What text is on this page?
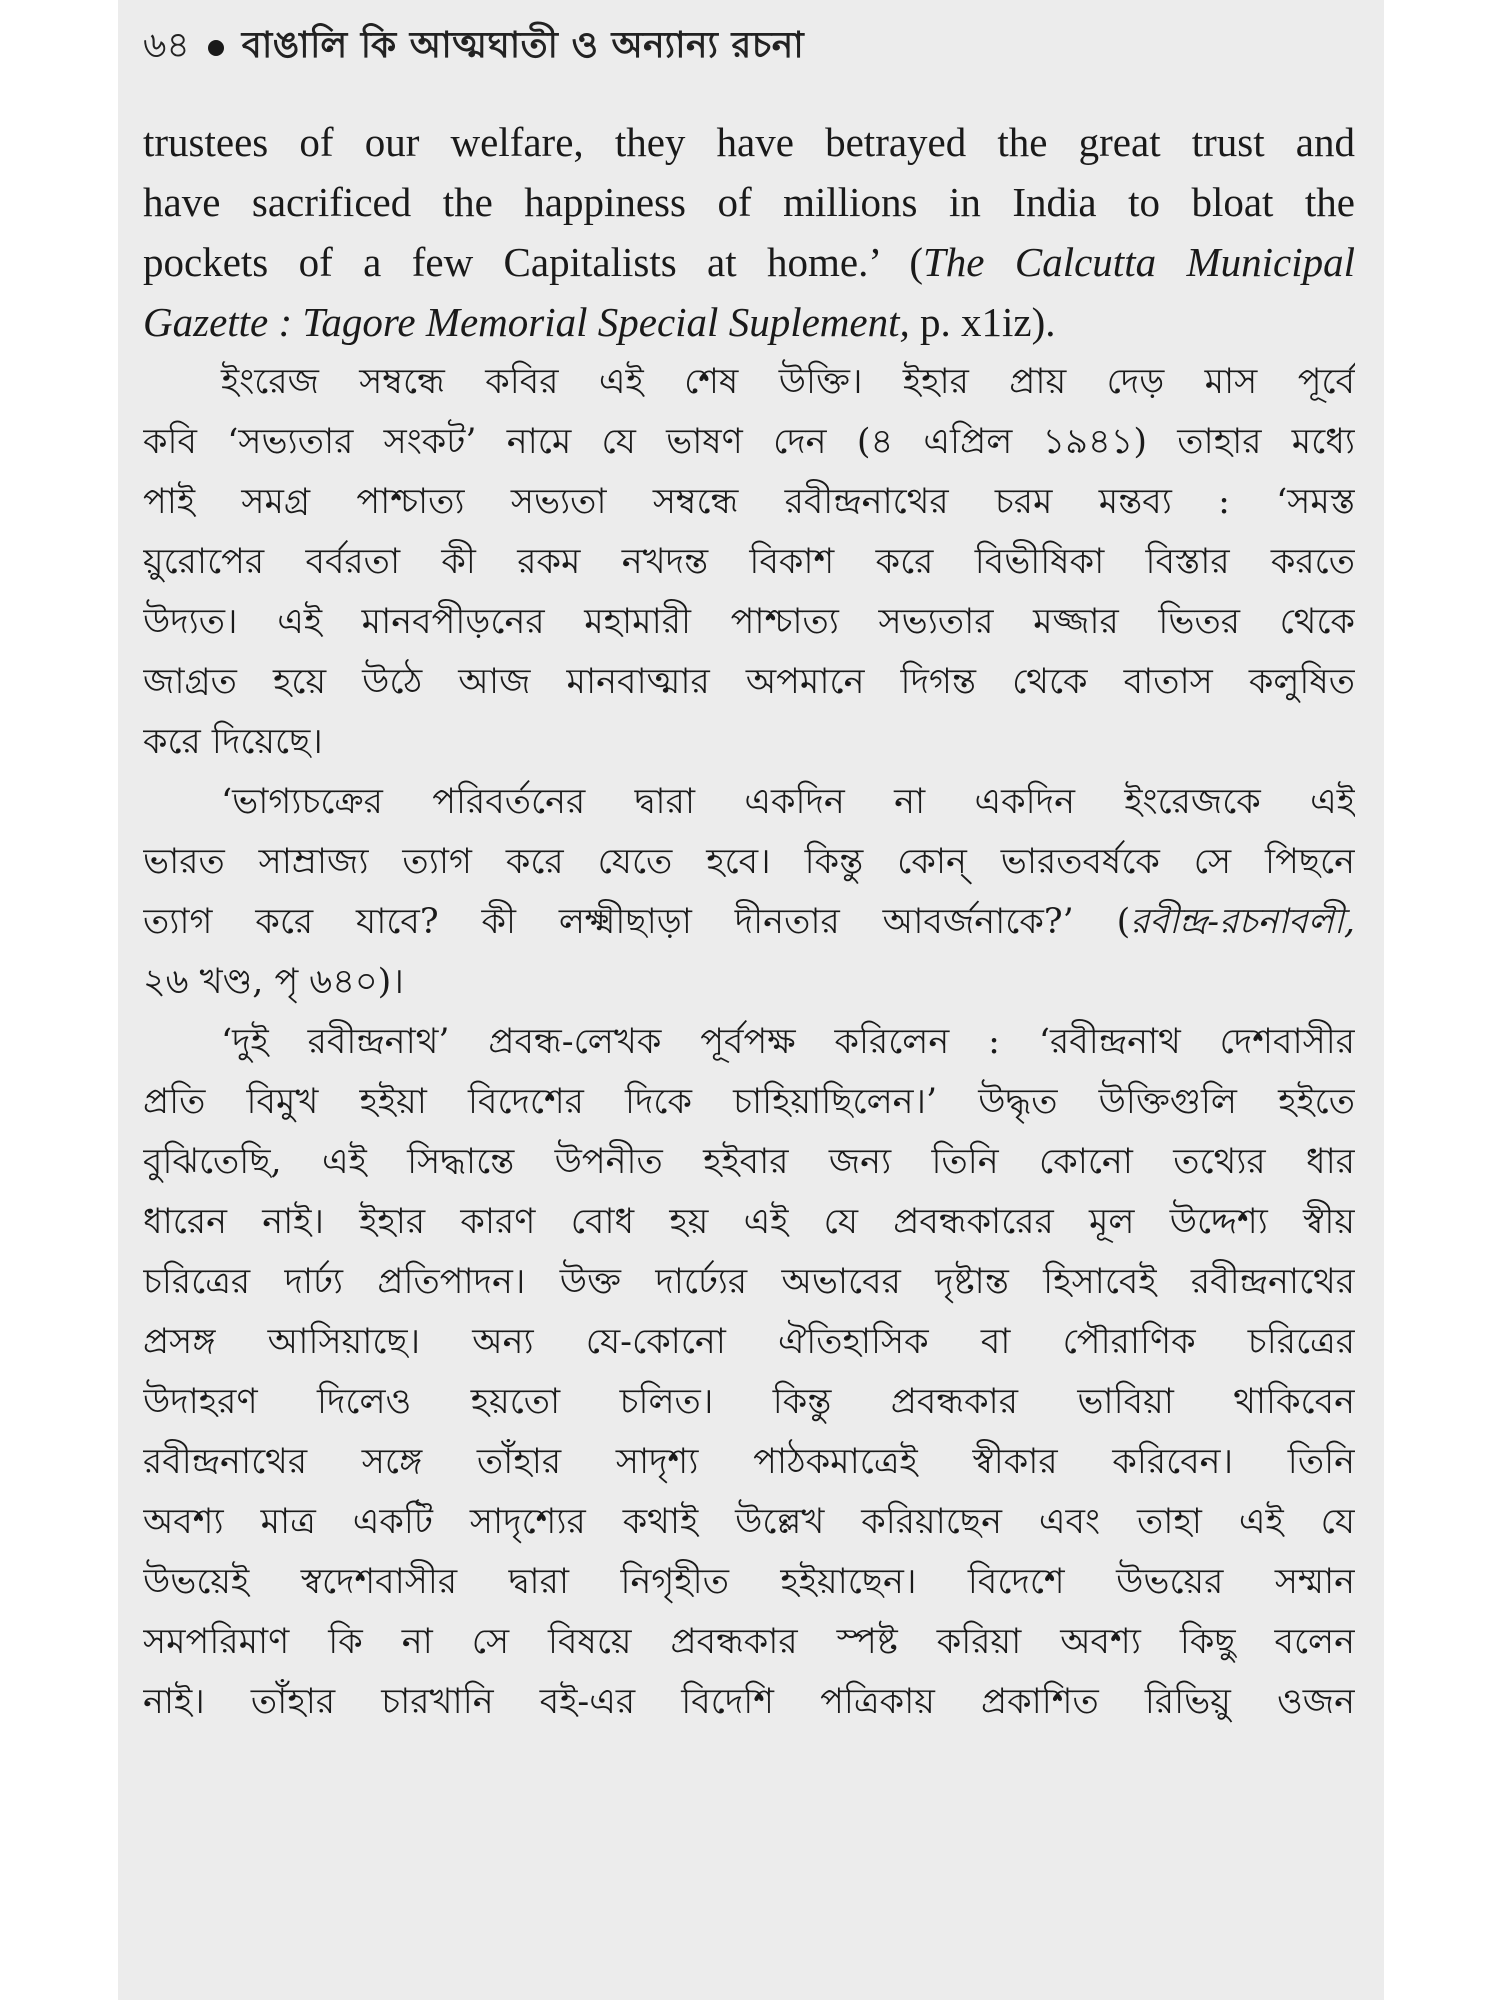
৬৪ বাঙালি কি আত্মঘাতী ও অন্যান্য রচনা
trustees of our welfare, they have betrayed the great trust and
have sacrificed the happiness of millions in India to bloat the
pockets of a few Capitalists at home.’ (The Calcutta Municipal
Gazette : Tagore Memorial Special Suplement, p. x1iz).
ইংরেজ সম্বন্ধে কবির এই শেষ উক্তি। ইহার প্রায় দেড় মাস পূর্বে
কবি ‘সভ্যতার সংকট’ নামে যে ভাষণ দেন (৪ এপ্রিল ১৯৪১) তাহার মধ্যে
পাই সমগ্র পাশ্চাত্য সভ্যতা সম্বন্ধে রবীন্দ্রনাথের চরম মন্তব্য : ‘সমস্ত
য়ুরোপের বর্বরতা কী রকম নখদন্ত বিকাশ করে বিভীষিকা বিস্তার করতে
উদ্যত। এই মানবপীড়নের মহামারী পাশ্চাত্য সভ্যতার মজ্জার ভিতর থেকে
জাগ্রত হয়ে উঠে আজ মানবাত্মার অপমানে দিগন্ত থেকে বাতাস কলুষিত
করে দিয়েছে।
‘ভাগ্যচক্রের পরিবর্তনের দ্বারা একদিন না একদিন ইংরেজকে এই
ভারত সাম্রাজ্য ত্যাগ করে যেতে হবে। কিন্তু কোন্ ভারতবর্ষকে সে পিছনে
ত্যাগ করে যাবে? কী লক্ষ্মীছাড়া দীনতার আবর্জনাকে?’ (রবীন্দ্র-রচনাবলী,
২৬ খণ্ড, পৃ ৬৪০)।
‘দুই রবীন্দ্রনাথ’ প্রবন্ধ-লেখক পূর্বপক্ষ করিলেন : ‘রবীন্দ্রনাথ দেশবাসীর
প্রতি বিমুখ হইয়া বিদেশের দিকে চাহিয়াছিলেন।’ উদ্ধৃত উক্তিগুলি হইতে
বুঝিতেছি, এই সিদ্ধান্তে উপনীত হইবার জন্য তিনি কোনো তথ্যের ধার
ধারেন নাই। ইহার কারণ বোধ হয় এই যে প্রবন্ধকারের মূল উদ্দেশ্য স্বীয়
চরিত্রের দার্ঢ্য প্রতিপাদন। উক্ত দার্ঢ্যের অভাবের দৃষ্টান্ত হিসাবেই রবীন্দ্রনাথের
প্রসঙ্গ আসিয়াছে। অন্য যে-কোনো ঐতিহাসিক বা পৌরাণিক চরিত্রের
উদাহরণ দিলেও হয়তো চলিত। কিন্তু প্রবন্ধকার ভাবিয়া থাকিবেন
রবীন্দ্রনাথের সঙ্গে তাঁহার সাদৃশ্য পাঠকমাত্রেই স্বীকার করিবেন। তিনি
অবশ্য মাত্র একটি সাদৃশ্যের কথাই উল্লেখ করিয়াছেন এবং তাহা এই যে
উভয়েই স্বদেশবাসীর দ্বারা নিগৃহীত হইয়াছেন। বিদেশে উভয়ের সম্মান
সমপরিমাণ কি না সে বিষয়ে প্রবন্ধকার স্পষ্ট করিয়া অবশ্য কিছু বলেন
নাই। তাঁহার চারখানি বই-এর বিদেশি পত্রিকায় প্রকাশিত রিভিয়ু ওজন
